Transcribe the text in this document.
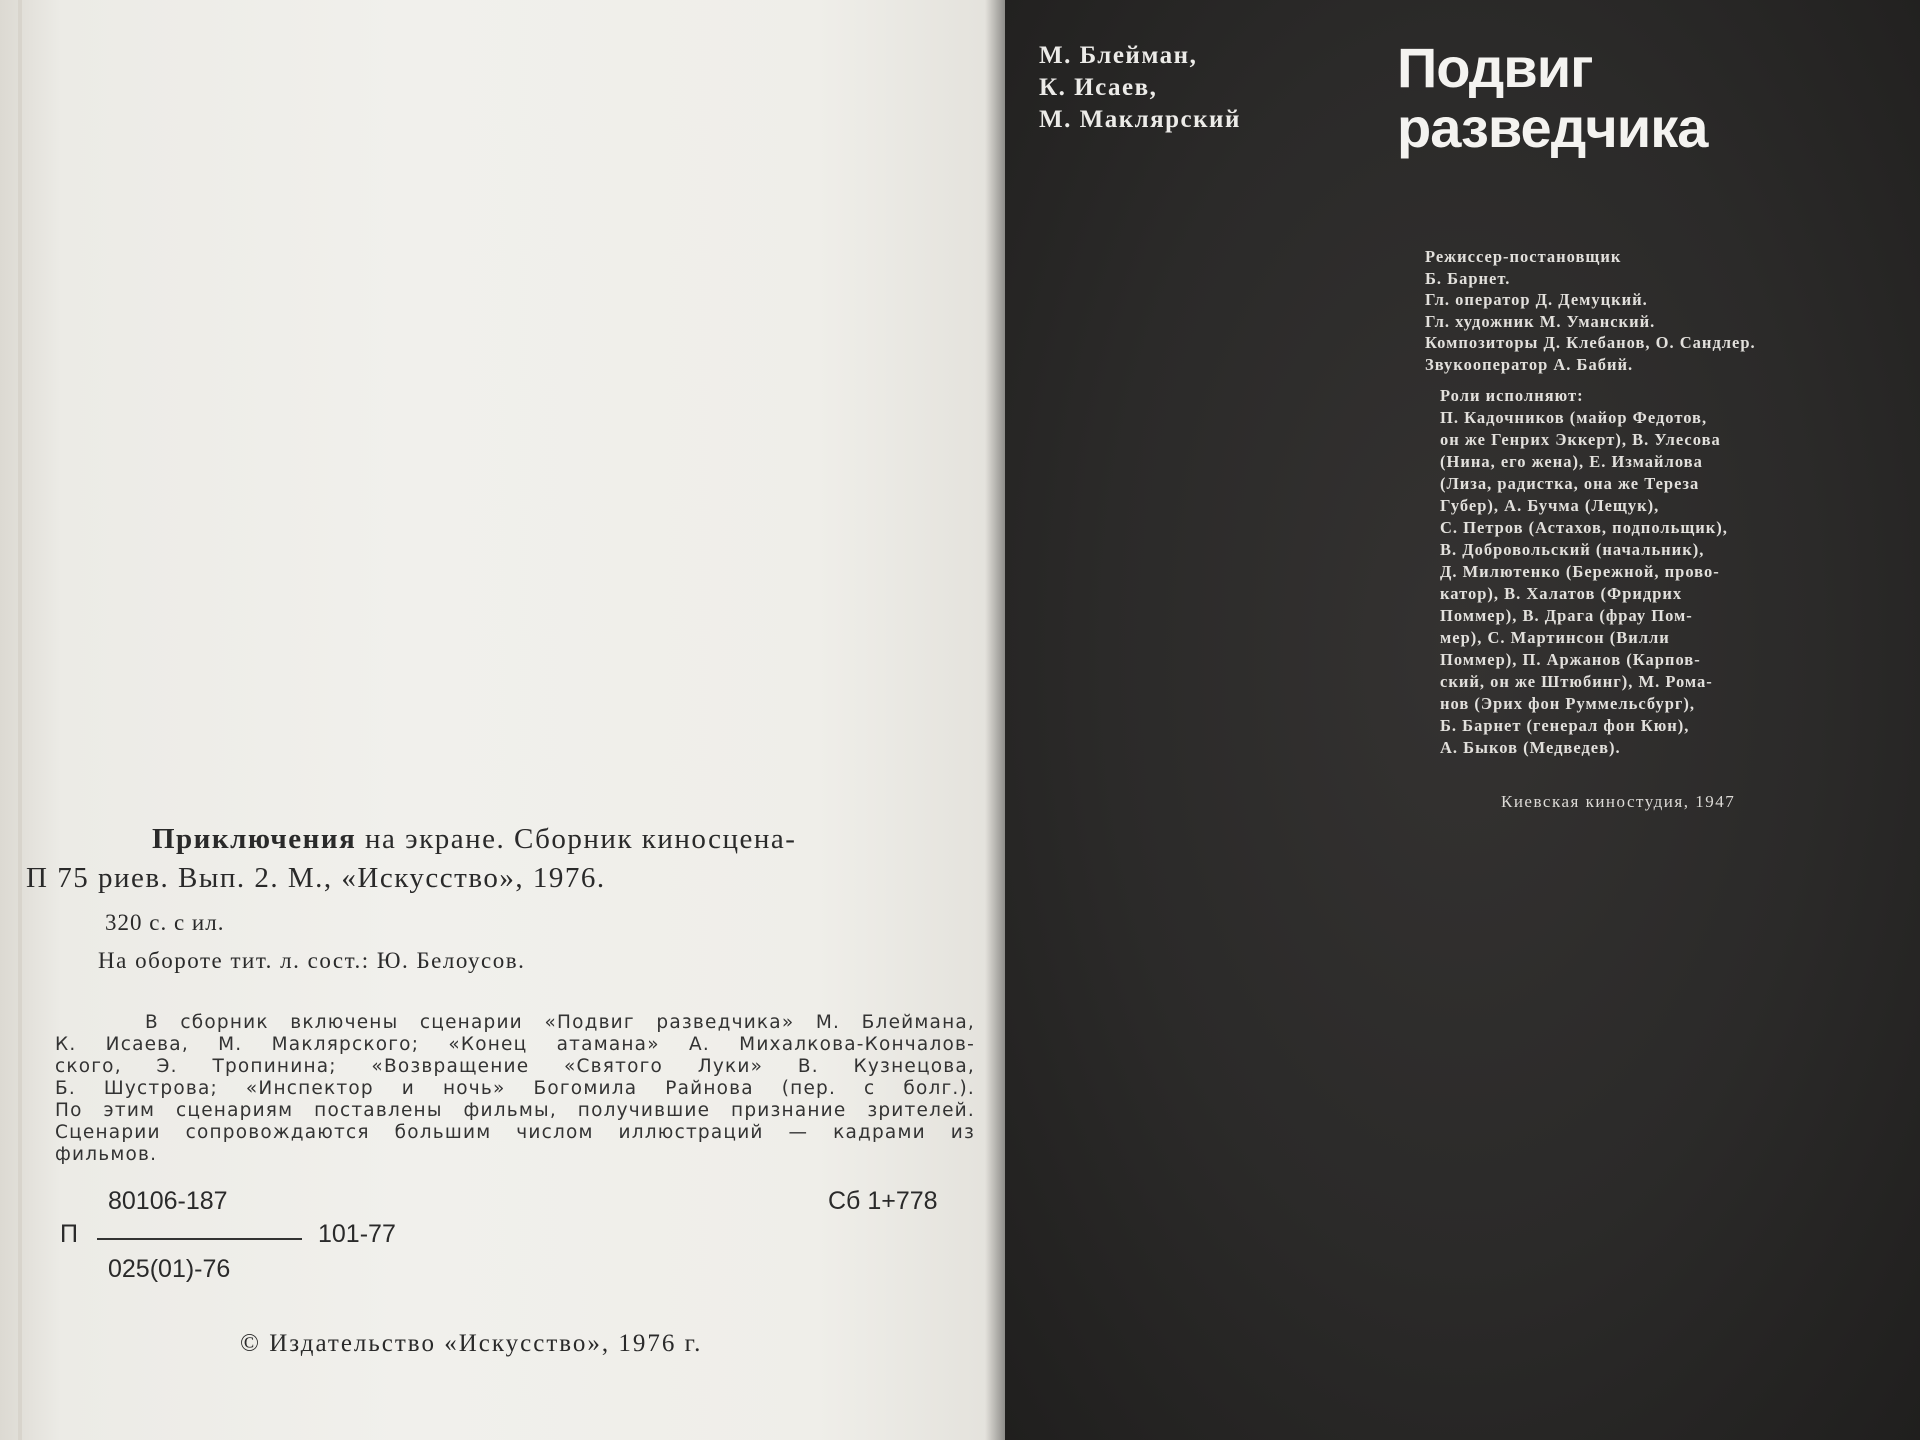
Приключения на экране. Сборник киносцена-
П 75 риев. Вып. 2. М., «Искусство», 1976.
320 с. с ил.
На обороте тит. л. сост.: Ю. Белоусов.

В сборник включены сценарии «Подвиг разведчика» М. Блеймана,

К. Исаева, М. Маклярского; «Конец атамана» А. Михалкова-Кончалов-

ского, Э. Тропинина; «Возвращение «Святого Луки» В. Кузнецова,

Б. Шустрова; «Инспектор и ночь» Богомила Райнова (пер. с болг.).

По этим сценариям поставлены фильмы, получившие признание зрителей.

Сценарии сопровождаются большим числом иллюстраций — кадрами из

фильмов.

80106-187
П	101-77
025(01)-76
Сб 1+778
© Издательство «Искусство», 1976 г.
М. Блейман,
К. Исаев,
М. Маклярский
Подвиг
разведчика
Режиссер-постановщик
Б. Барнет.
Гл. оператор Д. Демуцкий.
Гл. художник М. Уманский.
Композиторы Д. Клебанов, О. Сандлер.
Звукооператор А. Бабий.
Роли исполняют:
П. Кадочников (майор Федотов,
он же Генрих Эккерт), В. Улесова
(Нина, его жена), Е. Измайлова
(Лиза, радистка, она же Тереза
Губер), А. Бучма (Лещук),
С. Петров (Астахов, подпольщик),
В. Добровольский (начальник),
Д. Милютенко (Бережной, прово-
катор), В. Халатов (Фридрих
Поммер), В. Драга (фрау Пом-
мер), С. Мартинсон (Вилли
Поммер), П. Аржанов (Карпов-
ский, он же Штюбинг), М. Рома-
нов (Эрих фон Руммельсбург),
Б. Барнет (генерал фон Кюн),
А. Быков (Медведев).
Киевская киностудия, 1947
